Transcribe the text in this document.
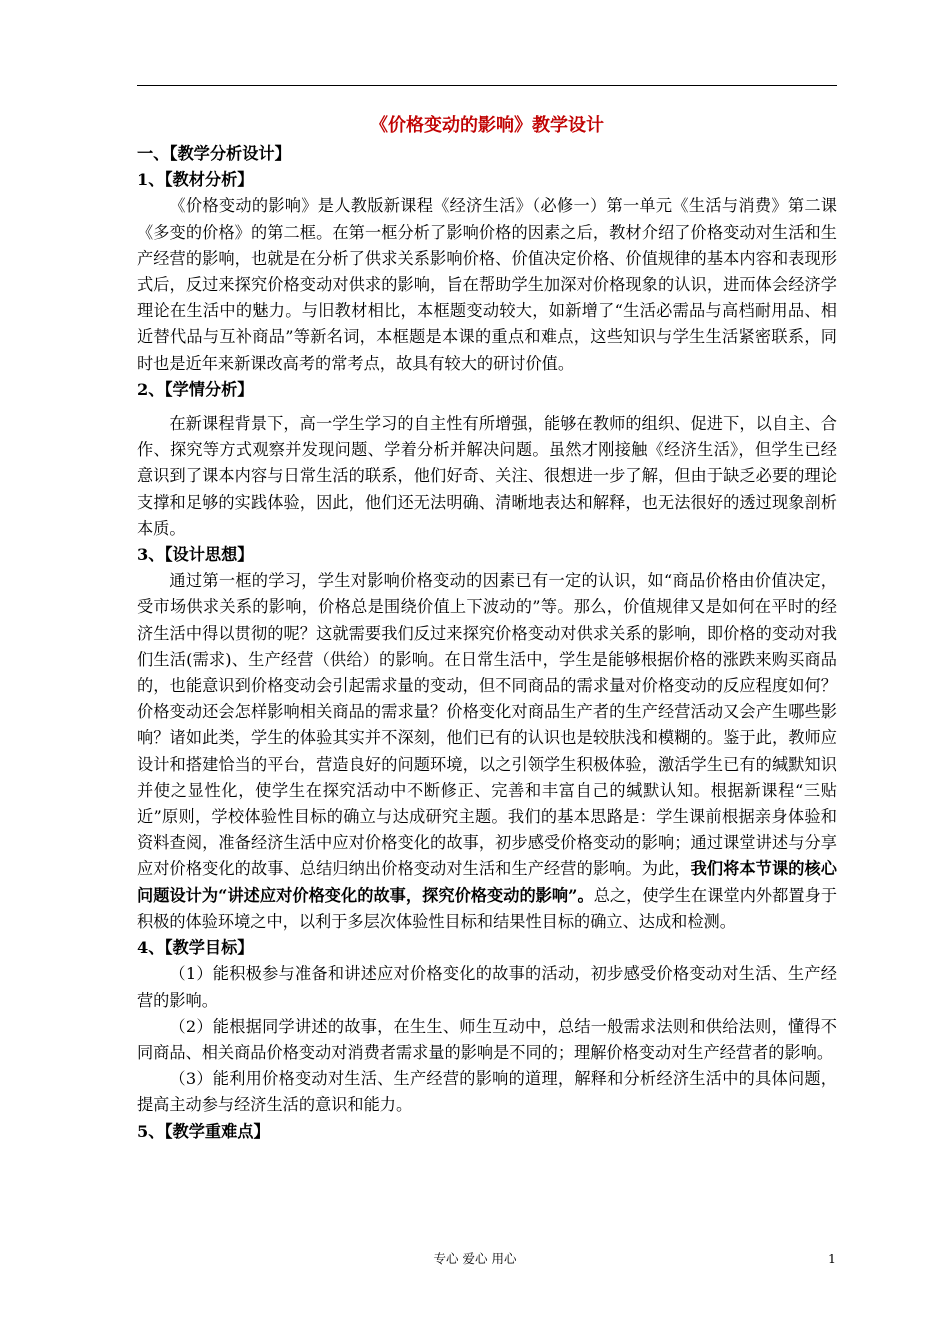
《价格变动的影响》教学设计

一、【教学分析设计】

1、【教材分析】

《价格变动的影响》是人教版新课程《经济生活》（必修一）第一单元《生活与消费》第二课《多变的价格》的第二框。在第一框分析了影响价格的因素之后，教材介绍了价格变动对生活和生产经营的影响，也就是在分析了供求关系影响价格、价值决定价格、价值规律的基本内容和表现形式后，反过来探究价格变动对供求的影响，旨在帮助学生加深对价格现象的认识，进而体会经济学理论在生活中的魅力。与旧教材相比，本框题变动较大，如新增了“生活必需品与高档耐用品、相近替代品与互补商品”等新名词，本框题是本课的重点和难点，这些知识与学生生活紧密联系，同时也是近年来新课改高考的常考点，故具有较大的研讨价值。

2、【学情分析】

在新课程背景下，高一学生学习的自主性有所增强，能够在教师的组织、促进下，以自主、合作、探究等方式观察并发现问题、学着分析并解决问题。虽然才刚接触《经济生活》，但学生已经意识到了课本内容与日常生活的联系，他们好奇、关注、很想进一步了解，但由于缺乏必要的理论支撑和足够的实践体验，因此，他们还无法明确、清晰地表达和解释，也无法很好的透过现象剖析本质。

3、【设计思想】

通过第一框的学习，学生对影响价格变动的因素已有一定的认识，如“商品价格由价值决定，受市场供求关系的影响，价格总是围绕价值上下波动的”等。那么，价值规律又是如何在平时的经济生活中得以贯彻的呢？这就需要我们反过来探究价格变动对供求关系的影响，即价格的变动对我们生活(需求)、生产经营（供给）的影响。在日常生活中，学生是能够根据价格的涨跌来购买商品的，也能意识到价格变动会引起需求量的变动，但不同商品的需求量对价格变动的反应程度如何？价格变动还会怎样影响相关商品的需求量？价格变化对商品生产者的生产经营活动又会产生哪些影响？诸如此类，学生的体验其实并不深刻，他们已有的认识也是较肤浅和模糊的。鉴于此，教师应设计和搭建恰当的平台，营造良好的问题环境，以之引领学生积极体验，激活学生已有的缄默知识并使之显性化，使学生在探究活动中不断修正、完善和丰富自己的缄默认知。根据新课程“三贴近”原则，学校体验性目标的确立与达成研究主题。我们的基本思路是：学生课前根据亲身体验和资料查阅，准备经济生活中应对价格变化的故事，初步感受价格变动的影响；通过课堂讲述与分享应对价格变化的故事、总结归纳出价格变动对生活和生产经营的影响。为此，我们将本节课的核心问题设计为“讲述应对价格变化的故事，探究价格变动的影响”。总之，使学生在课堂内外都置身于积极的体验环境之中，以利于多层次体验性目标和结果性目标的确立、达成和检测。

4、【教学目标】

（1）能积极参与准备和讲述应对价格变化的故事的活动，初步感受价格变动对生活、生产经营的影响。

（2）能根据同学讲述的故事，在生生、师生互动中，总结一般需求法则和供给法则，懂得不同商品、相关商品价格变动对消费者需求量的影响是不同的；理解价格变动对生产经营者的影响。

（3）能利用价格变动对生活、生产经营的影响的道理，解释和分析经济生活中的具体问题，提高主动参与经济生活的意识和能力。

5、【教学重难点】

专心 爱心 用心	1
